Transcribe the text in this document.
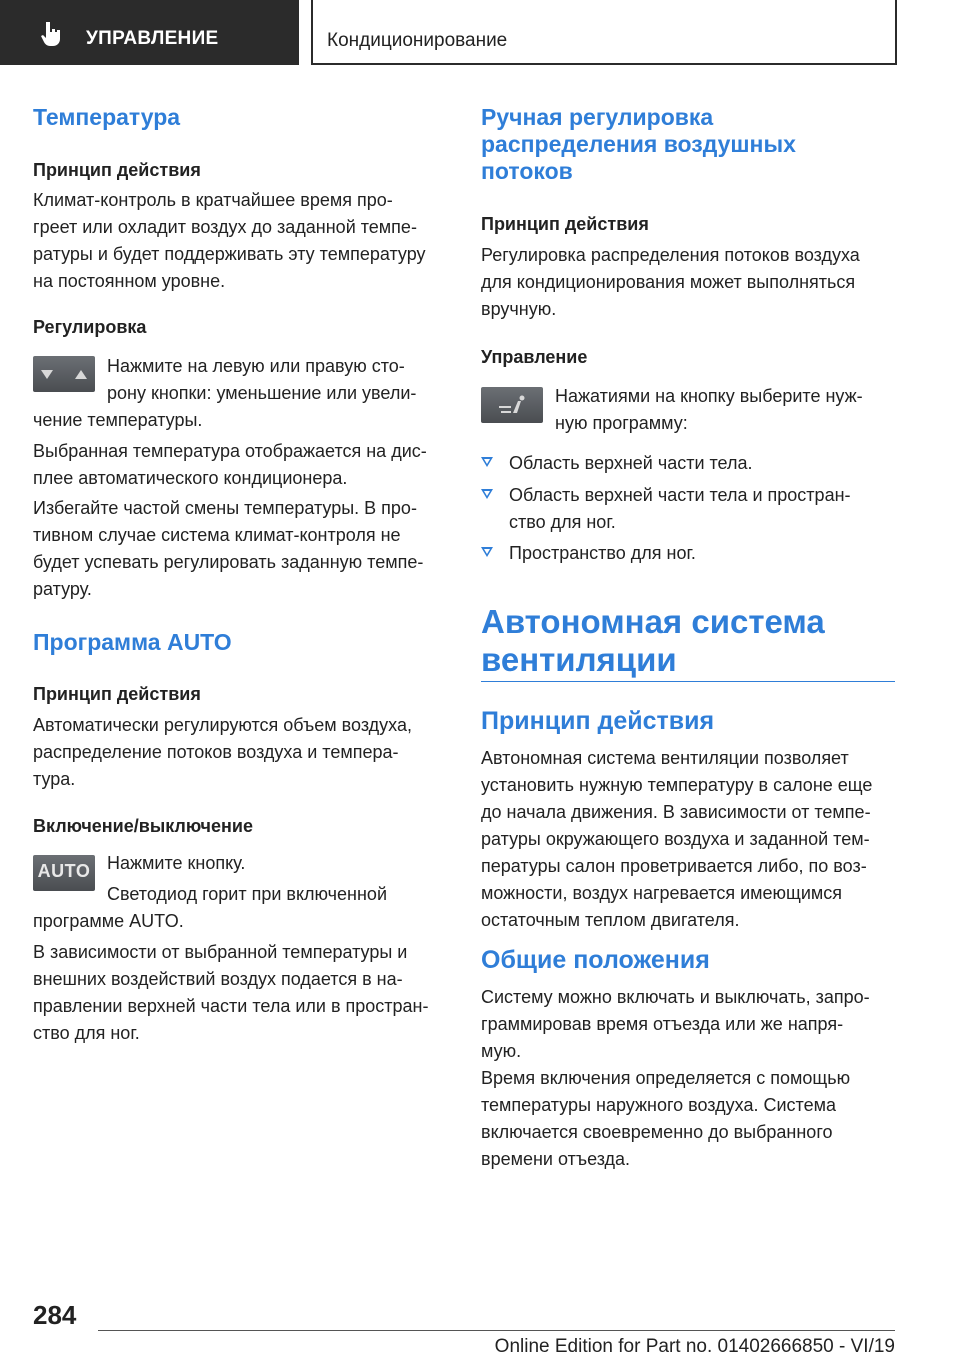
УПРАВЛЕНИЕ	Кондиционирование
Температура
Принцип действия
Климат-контроль в кратчайшее время про-
греет или охладит воздух до заданной темпе-
ратуры и будет поддерживать эту температуру
на постоянном уровне.
Регулировка
Нажмите на левую или правую сто-
рону кнопки: уменьшение или увели-
чение температуры.
Выбранная температура отображается на дис-
плее автоматического кондиционера.
Избегайте частой смены температуры. В про-
тивном случае система климат-контроля не
будет успевать регулировать заданную темпе-
ратуру.
Программа AUTO
Принцип действия
Автоматически регулируются объем воздуха,
распределение потоков воздуха и темпера-
тура.
Включение/выключение
AUTO Нажмите кнопку.
Светодиод горит при включенной
программе AUTO.
В зависимости от выбранной температуры и
внешних воздействий воздух подается в на-
правлении верхней части тела или в простран-
ство для ног.
Ручная регулировка
распределения воздушных
потоков
Принцип действия
Регулировка распределения потоков воздуха
для кондиционирования может выполняться
вручную.
Управление
Нажатиями на кнопку выберите нуж-
ную программу:
Область верхней части тела.
Область верхней части тела и простран-
ство для ног.
Пространство для ног.
Автономная система
вентиляции
Принцип действия
Автономная система вентиляции позволяет
установить нужную температуру в салоне еще
до начала движения. В зависимости от темпе-
ратуры окружающего воздуха и заданной тем-
пературы салон проветривается либо, по воз-
можности, воздух нагревается имеющимся
остаточным теплом двигателя.
Общие положения
Систему можно включать и выключать, запро-
граммировав время отъезда или же напря-
мую.
Время включения определяется с помощью
температуры наружного воздуха. Система
включается своевременно до выбранного
времени отъезда.
284
Online Edition for Part no. 01402666850 - VI/19
